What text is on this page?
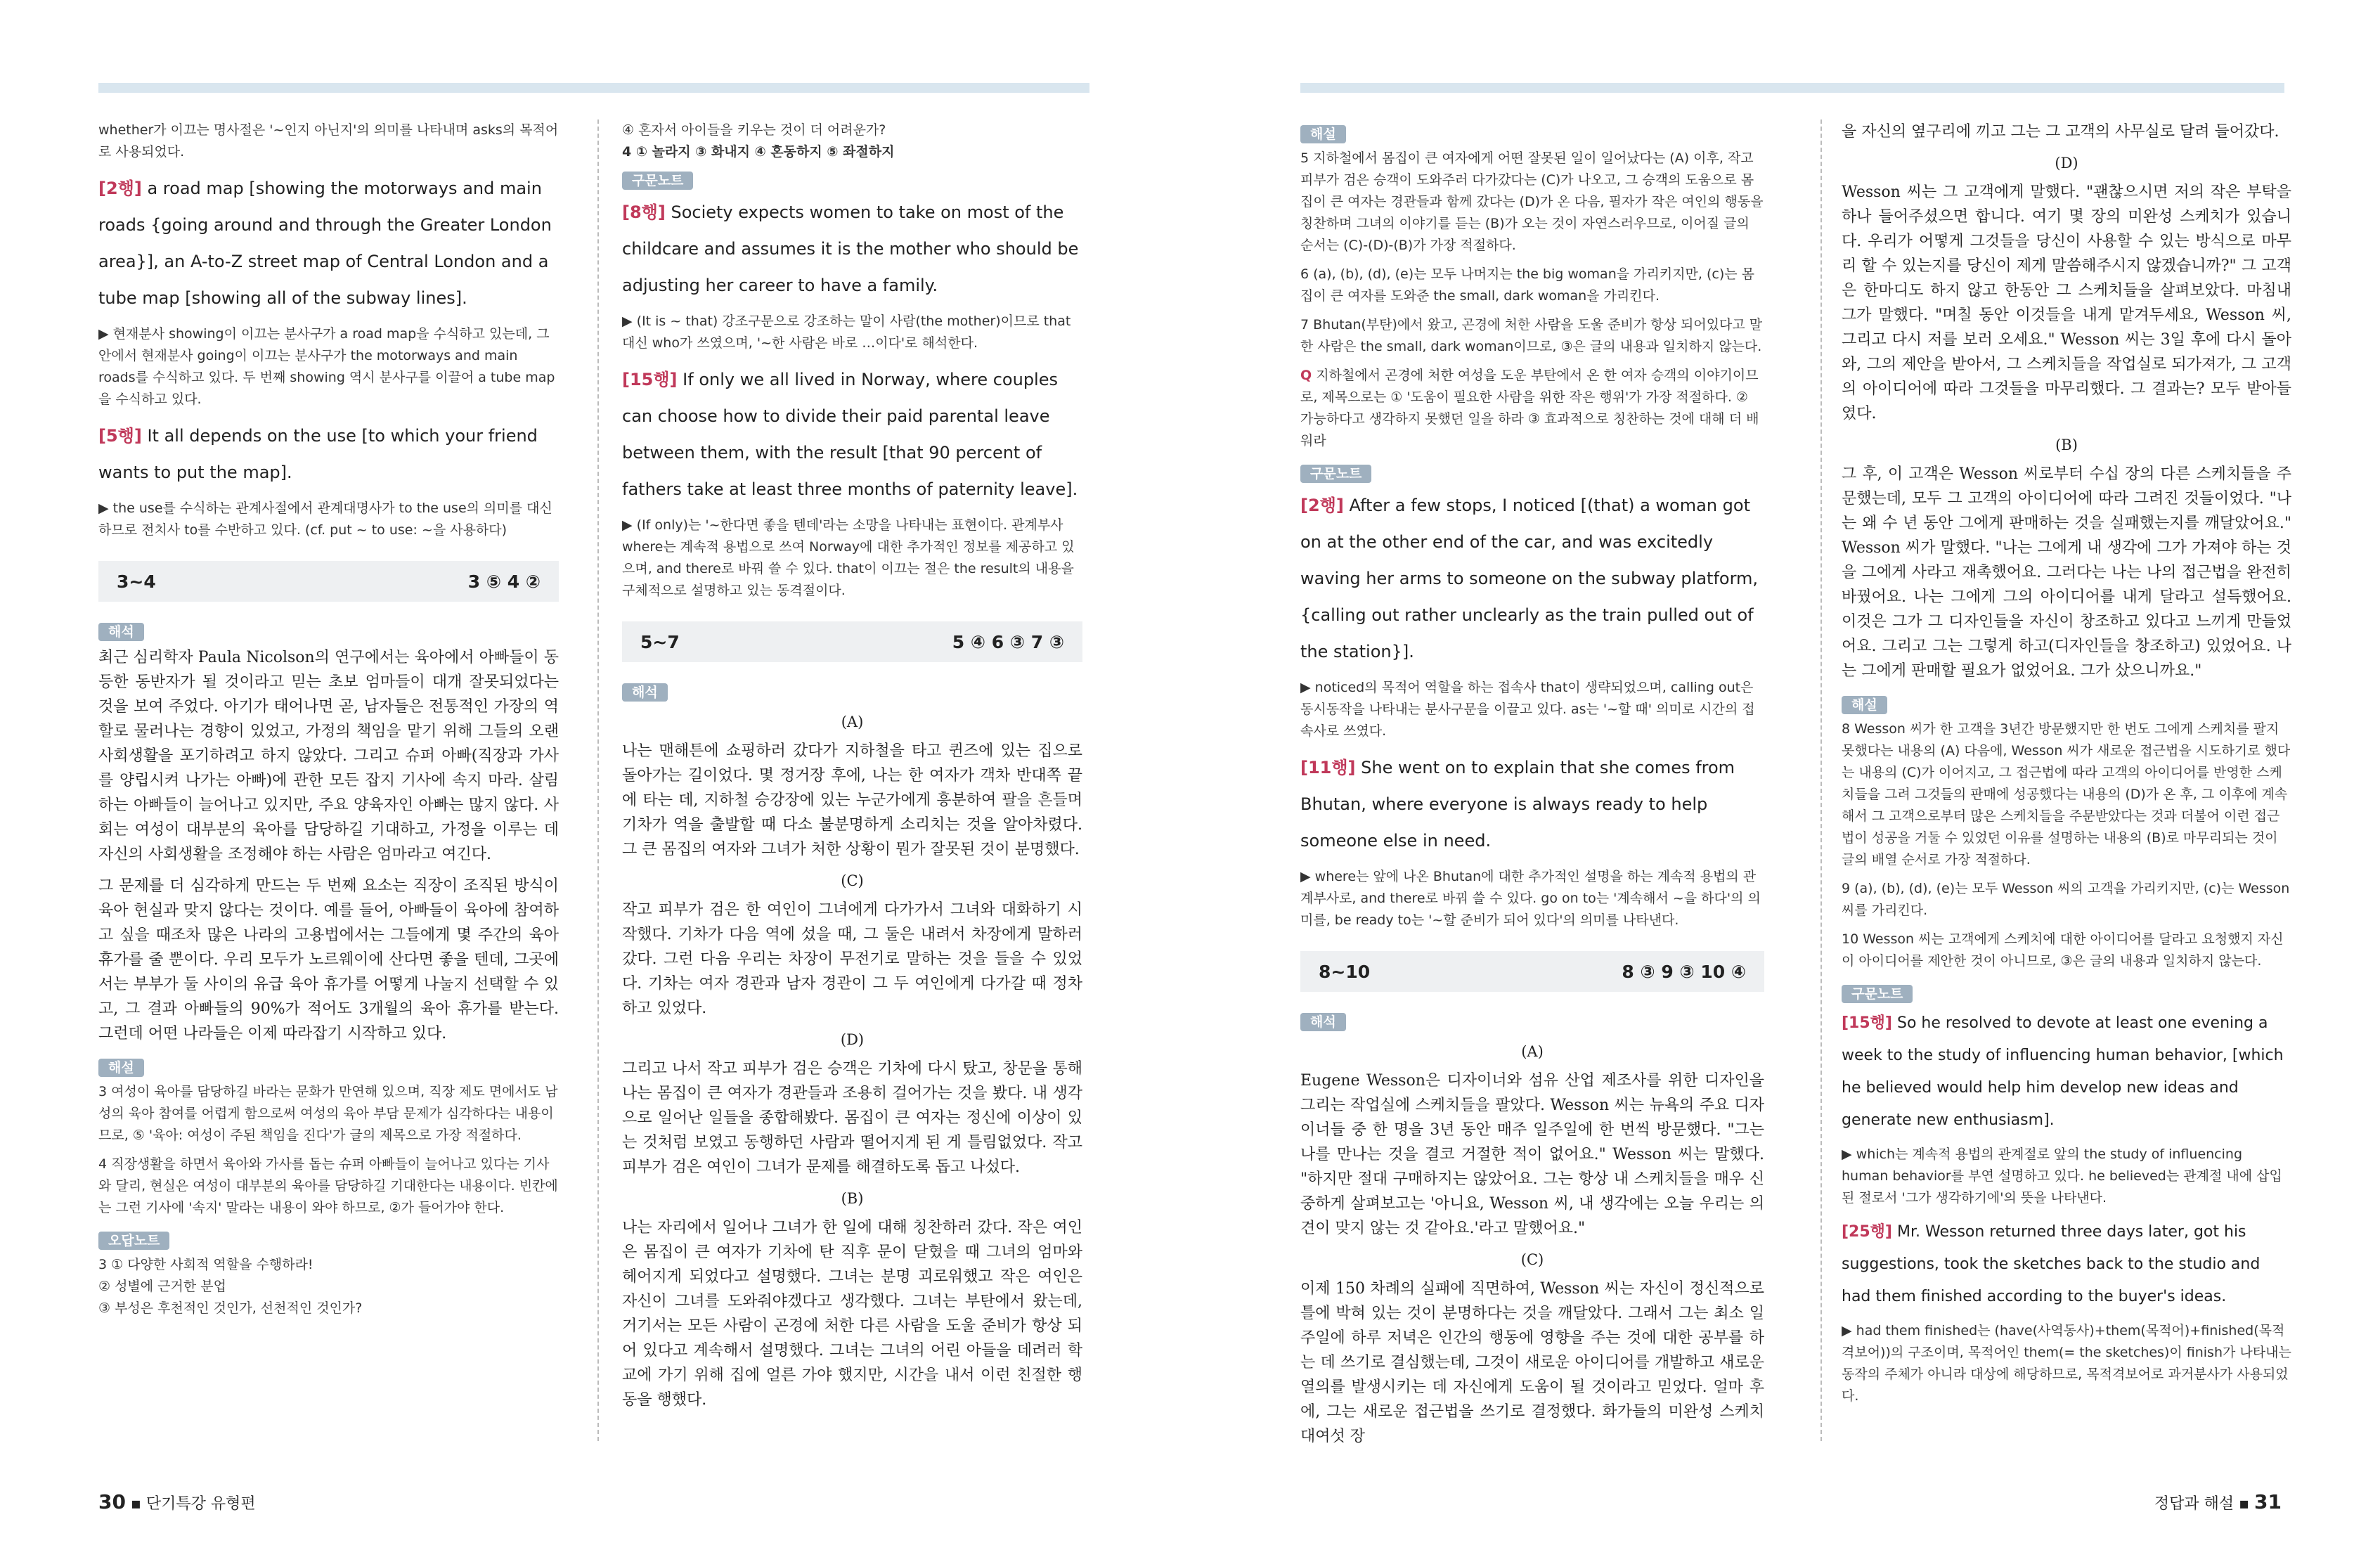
whether가 이끄는 명사절은 '~인지 아닌지'의 의미를 나타내며 asks의 목적어로 사용되었다.

[2행] a road map [showing the motorways and main roads {going around and through the Greater London area}], an A-to-Z street map of Central London and a tube map [showing all of the subway lines].

▶ 현재분사 showing이 이끄는 분사구가 a road map을 수식하고 있는데, 그 안에서 현재분사 going이 이끄는 분사구가 the motorways and main roads를 수식하고 있다. 두 번째 showing 역시 분사구를 이끌어 a tube map을 수식하고 있다.

[5행] It all depends on the use [to which your friend wants to put the map].

▶ the use를 수식하는 관계사절에서 관계대명사가 to the use의 의미를 대신하므로 전치사 to를 수반하고 있다. (cf. put ~ to use: ~을 사용하다)

3~4	3 ⑤ 4 ②
해석

최근 심리학자 Paula Nicolson의 연구에서는 육아에서 아빠들이 동등한 동반자가 될 것이라고 믿는 초보 엄마들이 대개 잘못되었다는 것을 보여 주었다. 아기가 태어나면 곧, 남자들은 전통적인 가장의 역할로 물러나는 경향이 있었고, 가정의 책임을 맡기 위해 그들의 오랜 사회생활을 포기하려고 하지 않았다. 그리고 슈퍼 아빠(직장과 가사를 양립시켜 나가는 아빠)에 관한 모든 잡지 기사에 속지 마라. 살림하는 아빠들이 늘어나고 있지만, 주요 양육자인 아빠는 많지 않다. 사회는 여성이 대부분의 육아를 담당하길 기대하고, 가정을 이루는 데 자신의 사회생활을 조정해야 하는 사람은 엄마라고 여긴다.

그 문제를 더 심각하게 만드는 두 번째 요소는 직장이 조직된 방식이 육아 현실과 맞지 않다는 것이다. 예를 들어, 아빠들이 육아에 참여하고 싶을 때조차 많은 나라의 고용법에서는 그들에게 몇 주간의 육아 휴가를 줄 뿐이다. 우리 모두가 노르웨이에 산다면 좋을 텐데, 그곳에서는 부부가 둘 사이의 유급 육아 휴가를 어떻게 나눌지 선택할 수 있고, 그 결과 아빠들의 90%가 적어도 3개월의 육아 휴가를 받는다. 그런데 어떤 나라들은 이제 따라잡기 시작하고 있다.

해설

3 여성이 육아를 담당하길 바라는 문화가 만연해 있으며, 직장 제도 면에서도 남성의 육아 참여를 어렵게 함으로써 여성의 육아 부담 문제가 심각하다는 내용이므로, ⑤ '육아: 여성이 주된 책임을 진다'가 글의 제목으로 가장 적절하다.

4 직장생활을 하면서 육아와 가사를 돕는 슈퍼 아빠들이 늘어나고 있다는 기사와 달리, 현실은 여성이 대부분의 육아를 담당하길 기대한다는 내용이다. 빈칸에는 그런 기사에 '속지' 말라는 내용이 와야 하므로, ②가 들어가야 한다.

오답노트
3 ① 다양한 사회적 역할을 수행하라!
② 성별에 근거한 분업
③ 부성은 후천적인 것인가, 선천적인 것인가?
④ 혼자서 아이들을 키우는 것이 더 어려운가?
4 ① 놀라지 ③ 화내지 ④ 혼동하지 ⑤ 좌절하지
구문노트

[8행] Society expects women to take on most of the childcare and assumes it is the mother who should be adjusting her career to have a family.

▶ (It is ~ that) 강조구문으로 강조하는 말이 사람(the mother)이므로 that 대신 who가 쓰였으며, '~한 사람은 바로 …이다'로 해석한다.

[15행] If only we all lived in Norway, where couples can choose how to divide their paid parental leave between them, with the result [that 90 percent of fathers take at least three months of paternity leave].

▶ (If only)는 '~한다면 좋을 텐데'라는 소망을 나타내는 표현이다. 관계부사 where는 계속적 용법으로 쓰여 Norway에 대한 추가적인 정보를 제공하고 있으며, and there로 바꿔 쓸 수 있다. that이 이끄는 절은 the result의 내용을 구체적으로 설명하고 있는 동격절이다.

5~7	5 ④ 6 ③ 7 ③
해석
(A)

나는 맨해튼에 쇼핑하러 갔다가 지하철을 타고 퀸즈에 있는 집으로 돌아가는 길이었다. 몇 정거장 후에, 나는 한 여자가 객차 반대쪽 끝에 타는 데, 지하철 승강장에 있는 누군가에게 흥분하여 팔을 흔들며 기차가 역을 출발할 때 다소 불분명하게 소리치는 것을 알아차렸다. 그 큰 몸집의 여자와 그녀가 처한 상황이 뭔가 잘못된 것이 분명했다.

(C)

작고 피부가 검은 한 여인이 그녀에게 다가가서 그녀와 대화하기 시작했다. 기차가 다음 역에 섰을 때, 그 둘은 내려서 차장에게 말하러 갔다. 그런 다음 우리는 차장이 무전기로 말하는 것을 들을 수 있었다. 기차는 여자 경관과 남자 경관이 그 두 여인에게 다가갈 때 정차하고 있었다.

(D)

그리고 나서 작고 피부가 검은 승객은 기차에 다시 탔고, 창문을 통해 나는 몸집이 큰 여자가 경관들과 조용히 걸어가는 것을 봤다. 내 생각으로 일어난 일들을 종합해봤다. 몸집이 큰 여자는 정신에 이상이 있는 것처럼 보였고 동행하던 사람과 떨어지게 된 게 틀림없었다. 작고 피부가 검은 여인이 그녀가 문제를 해결하도록 돕고 나섰다.

(B)

나는 자리에서 일어나 그녀가 한 일에 대해 칭찬하러 갔다. 작은 여인은 몸집이 큰 여자가 기차에 탄 직후 문이 닫혔을 때 그녀의 엄마와 헤어지게 되었다고 설명했다. 그녀는 분명 괴로워했고 작은 여인은 자신이 그녀를 도와줘야겠다고 생각했다. 그녀는 부탄에서 왔는데, 거기서는 모든 사람이 곤경에 처한 다른 사람을 도울 준비가 항상 되어 있다고 계속해서 설명했다. 그녀는 그녀의 어린 아들을 데려러 학교에 가기 위해 집에 얼른 가야 했지만, 시간을 내서 이런 친절한 행동을 행했다.

해설

5 지하철에서 몸집이 큰 여자에게 어떤 잘못된 일이 일어났다는 (A) 이후, 작고 피부가 검은 승객이 도와주러 다가갔다는 (C)가 나오고, 그 승객의 도움으로 몸집이 큰 여자는 경관들과 함께 갔다는 (D)가 온 다음, 필자가 작은 여인의 행동을 칭찬하며 그녀의 이야기를 듣는 (B)가 오는 것이 자연스러우므로, 이어질 글의 순서는 (C)-(D)-(B)가 가장 적절하다.

6 (a), (b), (d), (e)는 모두 나머지는 the big woman을 가리키지만, (c)는 몸집이 큰 여자를 도와준 the small, dark woman을 가리킨다.

7 Bhutan(부탄)에서 왔고, 곤경에 처한 사람을 도울 준비가 항상 되어있다고 말한 사람은 the small, dark woman이므로, ③은 글의 내용과 일치하지 않는다.

Q 지하철에서 곤경에 처한 여성을 도운 부탄에서 온 한 여자 승객의 이야기이므로, 제목으로는 ① '도움이 필요한 사람을 위한 작은 행위'가 가장 적절하다. ② 가능하다고 생각하지 못했던 일을 하라 ③ 효과적으로 칭찬하는 것에 대해 더 배워라

구문노트

[2행] After a few stops, I noticed [(that) a woman got on at the other end of the car, and was excitedly waving her arms to someone on the subway platform, {calling out rather unclearly as the train pulled out of the station}].

▶ noticed의 목적어 역할을 하는 접속사 that이 생략되었으며, calling out은 동시동작을 나타내는 분사구문을 이끌고 있다. as는 '~할 때' 의미로 시간의 접속사로 쓰였다.

[11행] She went on to explain that she comes from Bhutan, where everyone is always ready to help someone else in need.

▶ where는 앞에 나온 Bhutan에 대한 추가적인 설명을 하는 계속적 용법의 관계부사로, and there로 바꿔 쓸 수 있다. go on to는 '계속해서 ~을 하다'의 의미를, be ready to는 '~할 준비가 되어 있다'의 의미를 나타낸다.

8~10	8 ③ 9 ③ 10 ④
해석
(A)

Eugene Wesson은 디자이너와 섬유 산업 제조사를 위한 디자인을 그리는 작업실에 스케치들을 팔았다. Wesson 씨는 뉴욕의 주요 디자이너들 중 한 명을 3년 동안 매주 일주일에 한 번씩 방문했다. "그는 나를 만나는 것을 결코 거절한 적이 없어요." Wesson 씨는 말했다. "하지만 절대 구매하지는 않았어요. 그는 항상 내 스케치들을 매우 신중하게 살펴보고는 '아니요, Wesson 씨, 내 생각에는 오늘 우리는 의견이 맞지 않는 것 같아요.'라고 말했어요."

(C)

이제 150 차례의 실패에 직면하여, Wesson 씨는 자신이 정신적으로 틀에 박혀 있는 것이 분명하다는 것을 깨달았다. 그래서 그는 최소 일주일에 하루 저녁은 인간의 행동에 영향을 주는 것에 대한 공부를 하는 데 쓰기로 결심했는데, 그것이 새로운 아이디어를 개발하고 새로운 열의를 발생시키는 데 자신에게 도움이 될 것이라고 믿었다. 얼마 후에, 그는 새로운 접근법을 쓰기로 결정했다. 화가들의 미완성 스케치 대여섯 장

을 자신의 옆구리에 끼고 그는 그 고객의 사무실로 달려 들어갔다.

(D)

Wesson 씨는 그 고객에게 말했다. "괜찮으시면 저의 작은 부탁을 하나 들어주셨으면 합니다. 여기 몇 장의 미완성 스케치가 있습니다. 우리가 어떻게 그것들을 당신이 사용할 수 있는 방식으로 마무리 할 수 있는지를 당신이 제게 말씀해주시지 않겠습니까?" 그 고객은 한마디도 하지 않고 한동안 그 스케치들을 살펴보았다. 마침내 그가 말했다. "며칠 동안 이것들을 내게 맡겨두세요, Wesson 씨, 그리고 다시 저를 보러 오세요." Wesson 씨는 3일 후에 다시 돌아와, 그의 제안을 받아서, 그 스케치들을 작업실로 되가져가, 그 고객의 아이디어에 따라 그것들을 마무리했다. 그 결과는? 모두 받아들였다.

(B)

그 후, 이 고객은 Wesson 씨로부터 수십 장의 다른 스케치들을 주문했는데, 모두 그 고객의 아이디어에 따라 그려진 것들이었다. "나는 왜 수 년 동안 그에게 판매하는 것을 실패했는지를 깨달았어요." Wesson 씨가 말했다. "나는 그에게 내 생각에 그가 가져야 하는 것을 그에게 사라고 재촉했어요. 그러다는 나는 나의 접근법을 완전히 바꿨어요. 나는 그에게 그의 아이디어를 내게 달라고 설득했어요. 이것은 그가 그 디자인들을 자신이 창조하고 있다고 느끼게 만들었어요. 그리고 그는 그렇게 하고(디자인들을 창조하고) 있었어요. 나는 그에게 판매할 필요가 없었어요. 그가 샀으니까요."

해설

8 Wesson 씨가 한 고객을 3년간 방문했지만 한 번도 그에게 스케치를 팔지 못했다는 내용의 (A) 다음에, Wesson 씨가 새로운 접근법을 시도하기로 했다는 내용의 (C)가 이어지고, 그 접근법에 따라 고객의 아이디어를 반영한 스케치들을 그려 그것들의 판매에 성공했다는 내용의 (D)가 온 후, 그 이후에 계속해서 그 고객으로부터 많은 스케치들을 주문받았다는 것과 더불어 이런 접근법이 성공을 거둘 수 있었던 이유를 설명하는 내용의 (B)로 마무리되는 것이 글의 배열 순서로 가장 적절하다.

9 (a), (b), (d), (e)는 모두 Wesson 씨의 고객을 가리키지만, (c)는 Wesson 씨를 가리킨다.

10 Wesson 씨는 고객에게 스케치에 대한 아이디어를 달라고 요청했지 자신이 아이디어를 제안한 것이 아니므로, ③은 글의 내용과 일치하지 않는다.

구문노트

[15행] So he resolved to devote at least one evening a week to the study of influencing human behavior, [which he believed would help him develop new ideas and generate new enthusiasm].

▶ which는 계속적 용법의 관계절로 앞의 the study of influencing human behavior를 부연 설명하고 있다. he believed는 관계절 내에 삽입된 절로서 '그가 생각하기에'의 뜻을 나타낸다.

[25행] Mr. Wesson returned three days later, got his suggestions, took the sketches back to the studio and had them finished according to the buyer's ideas.

▶ had them finished는 (have(사역동사)+them(목적어)+finished(목적격보어))의 구조이며, 목적어인 them(= the sketches)이 finish가 나타내는 동작의 주체가 아니라 대상에 해당하므로, 목적격보어로 과거분사가 사용되었다.

30 ▪ 단기특강 유형편	정답과 해설 ▪ 31
